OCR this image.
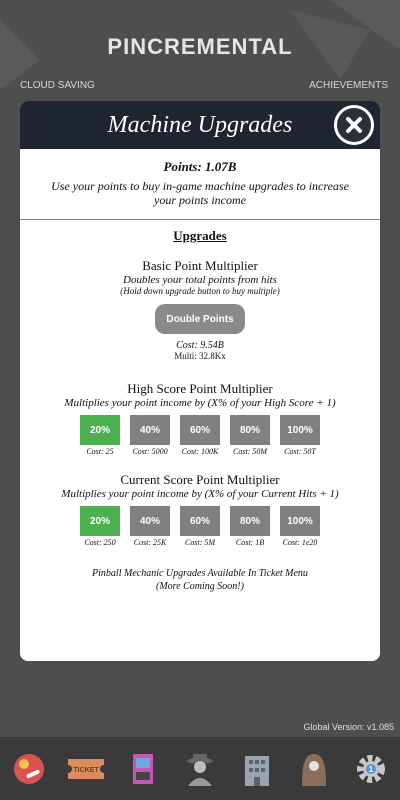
PINCREMENTAL
CLOUD SAVING	ACHIEVEMENTS
Machine Upgrades
Points: 1.07B
Use your points to buy in-game machine upgrades to increase your points income
Upgrades
Basic Point Multiplier
Doubles your total points from hits
(Hold down upgrade button to buy multiple)
Double Points
Cost: 9.54B
Multi: 32.8Kx
High Score Point Multiplier
Multiplies your point income by (X% of your High Score + 1)
20%
Cost: 25
40%
Cost: 5000
60%
Cost: 100K
80%
Cost: 50M
100%
Cost: 50T
Current Score Point Multiplier
Multiplies your point income by (X% of your Current Hits + 1)
20%
Cost: 250
40%
Cost: 25K
60%
Cost: 5M
80%
Cost: 1B
100%
Cost: 1e20
Pinball Mechanic Upgrades Available In Ticket Menu
(More Coming Soon!)
Global Version: v1.085
TICKET	1
